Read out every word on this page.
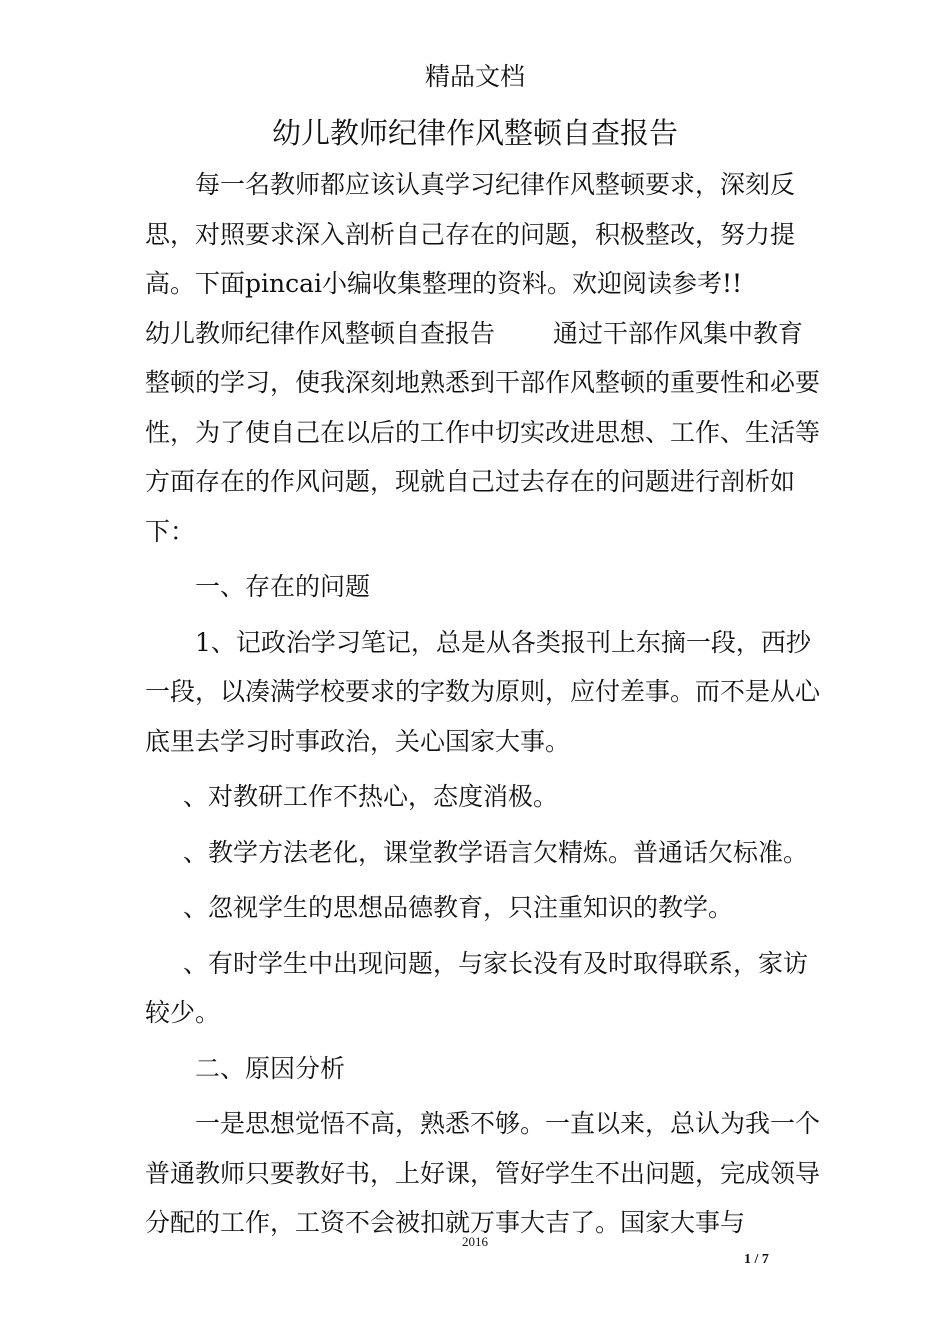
精品文档
幼儿教师纪律作风整顿自查报告

每一名教师都应该认真学习纪律作风整顿要求，深刻反思，对照要求深入剖析自己存在的问题，积极整改，努力提高。下面pincai小编收集整理的资料。欢迎阅读参考!!

幼儿教师纪律作风整顿自查报告 通过干部作风集中教育整顿的学习，使我深刻地熟悉到干部作风整顿的重要性和必要性，为了使自己在以后的工作中切实改进思想、工作、生活等方面存在的作风问题，现就自己过去存在的问题进行剖析如下：

一、存在的问题

1、记政治学习笔记，总是从各类报刊上东摘一段，西抄一段，以凑满学校要求的字数为原则，应付差事。而不是从心底里去学习时事政治，关心国家大事。

、对教研工作不热心，态度消极。

、教学方法老化，课堂教学语言欠精炼。普通话欠标准。

、忽视学生的思想品德教育，只注重知识的教学。

、有时学生中出现问题，与家长没有及时取得联系，家访较少。

二、原因分析

一是思想觉悟不高，熟悉不够。一直以来，总认为我一个普通教师只要教好书，上好课，管好学生不出问题，完成领导分配的工作，工资不会被扣就万事大吉了。国家大事与

2016
1 / 7
